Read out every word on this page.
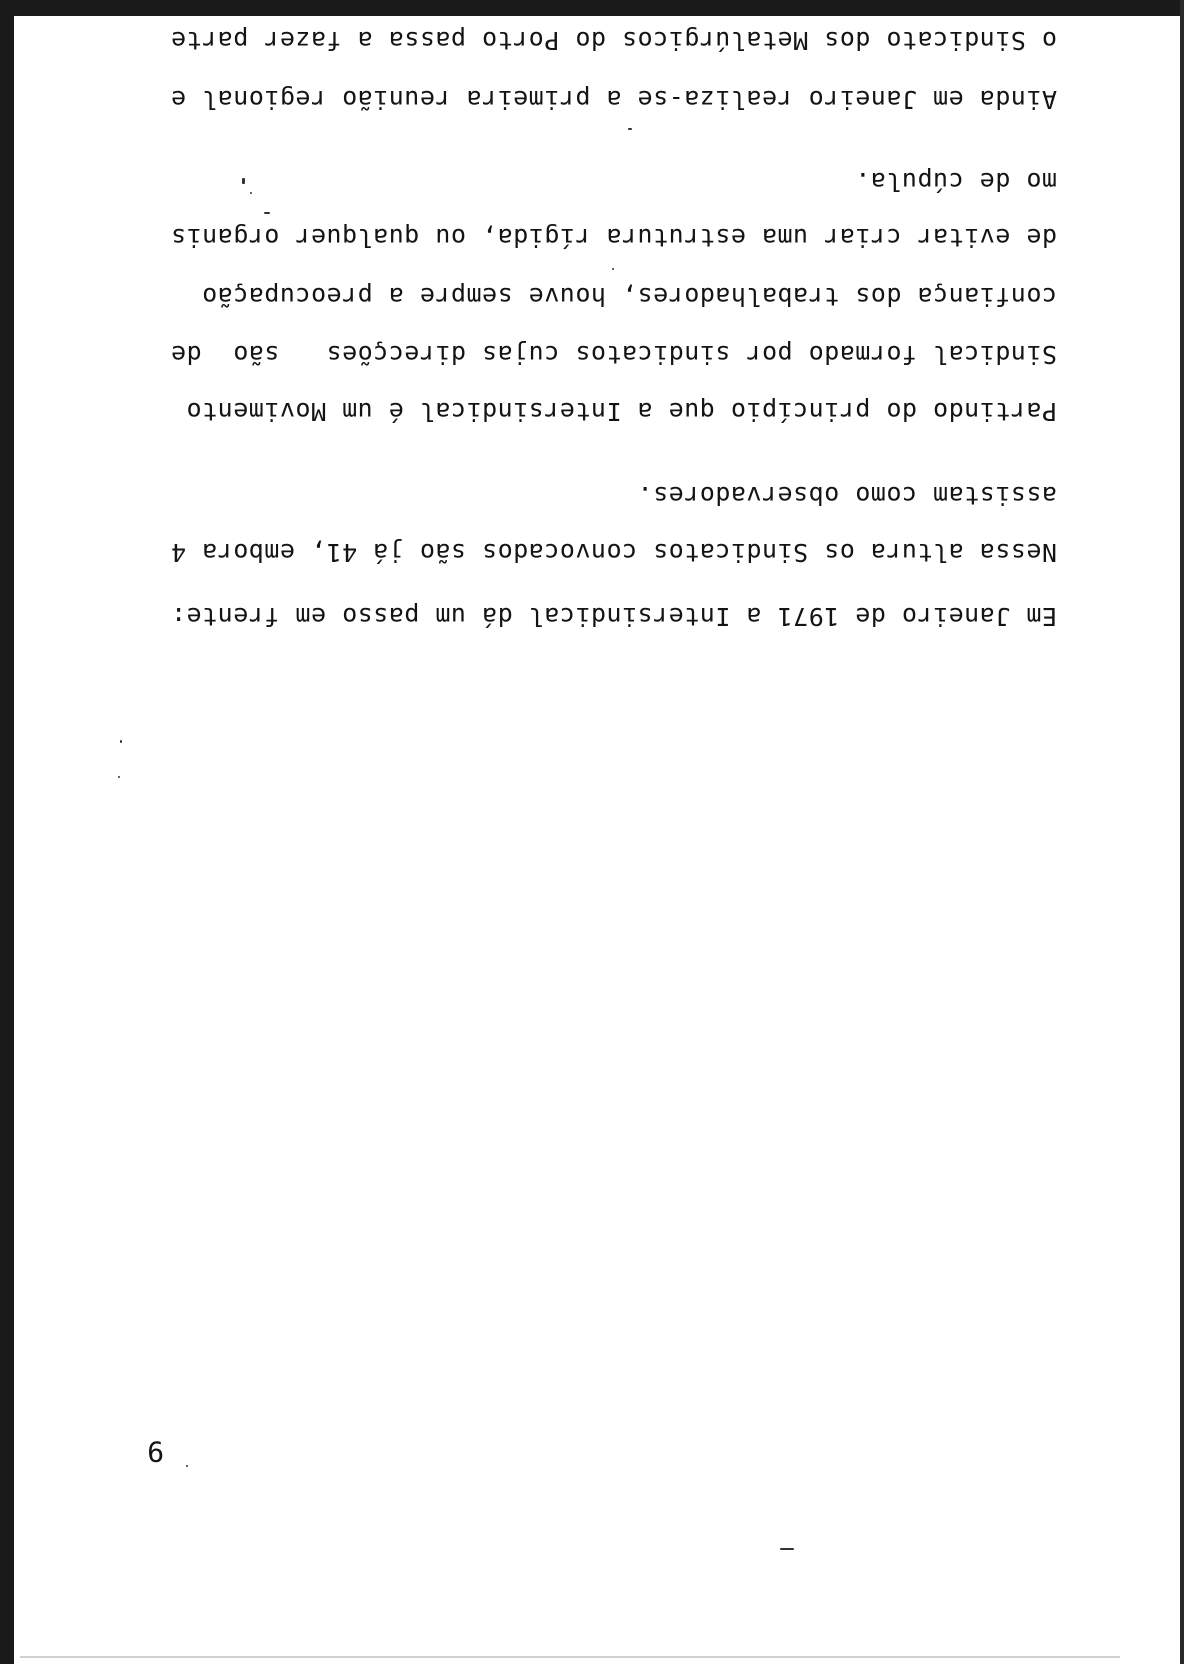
9
Em Janeiro de 1971 a Intersindical dá um passo em frente:
Nessa altura os Sindicatos convocados são já 41, embora 4
assistam como observadores.
Partindo do princípio que a Intersindical é um Movimento
Sindical formado por sindicatos cujas direcções   são  de
confiança dos trabalhadores, houve sempre a preocupação
de evitar criar uma estrutura rígida, ou qualquer organis
mo de cúpula.
Ainda em Janeiro realiza-se a primeira reunião regional e
o Sindicato dos Metalúrgicos do Porto passa a fazer parte
